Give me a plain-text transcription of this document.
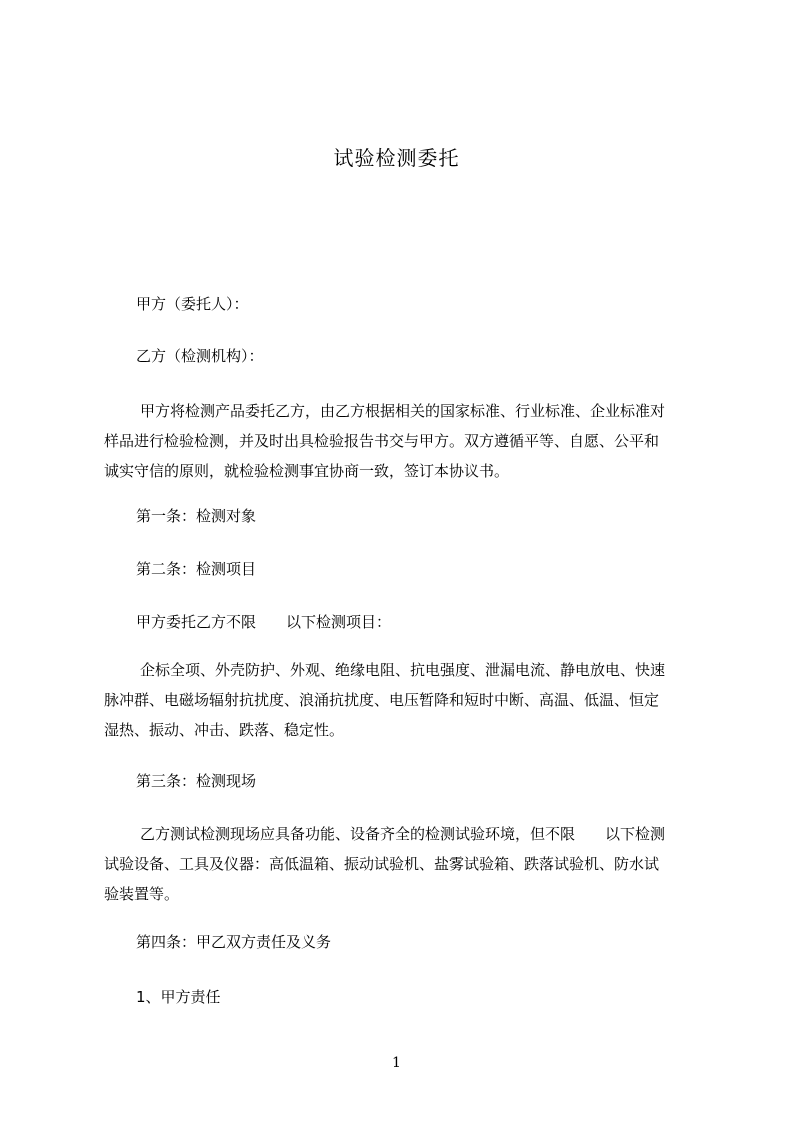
试验检测委托
甲方（委托人）：
乙方（检测机构）：
甲方将检测产品委托乙方，由乙方根据相关的国家标准、行业标准、企业标准对
样品进行检验检测，并及时出具检验报告书交与甲方。双方遵循平等、自愿、公平和
诚实守信的原则，就检验检测事宜协商一致，签订本协议书。
第一条：检测对象
第二条：检测项目
甲方委托乙方不限　　以下检测项目：
企标全项、外壳防护、外观、绝缘电阻、抗电强度、泄漏电流、静电放电、快速
脉冲群、电磁场辐射抗扰度、浪涌抗扰度、电压暂降和短时中断、高温、低温、恒定
湿热、振动、冲击、跌落、稳定性。
第三条：检测现场
乙方测试检测现场应具备功能、设备齐全的检测试验环境，但不限　　以下检测
试验设备、工具及仪器：高低温箱、振动试验机、盐雾试验箱、跌落试验机、防水试
验装置等。
第四条：甲乙双方责任及义务
1、甲方责任
1
